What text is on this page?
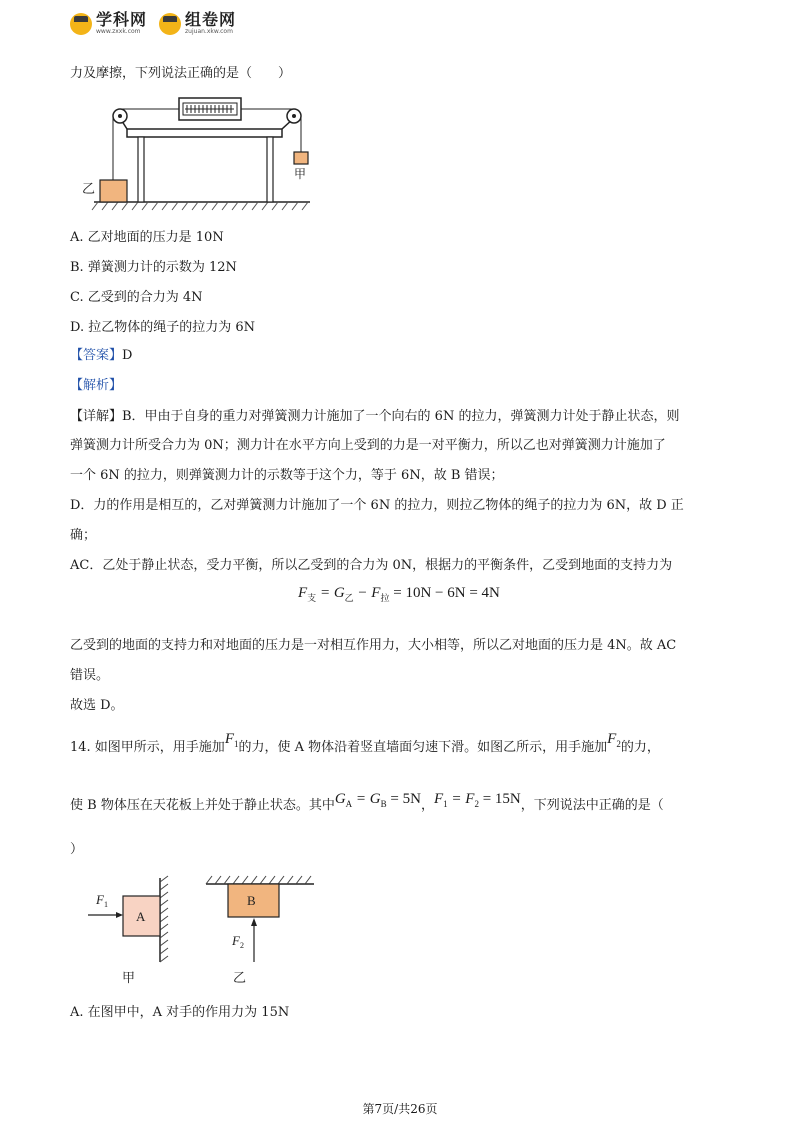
学科网
www.zxxk.com
组卷网
zujuan.xkw.com
力及摩擦，下列说法正确的是（　　）
乙
甲
A. 乙对地面的压力是 10N
B. 弹簧测力计的示数为 12N
C. 乙受到的合力为 4N
D. 拉乙物体的绳子的拉力为 6N
【答案】D
【解析】
【详解】B．甲由于自身的重力对弹簧测力计施加了一个向右的 6N 的拉力，弹簧测力计处于静止状态，则
弹簧测力计所受合力为 0N；测力计在水平方向上受到的力是一对平衡力，所以乙也对弹簧测力计施加了
一个 6N 的拉力，则弹簧测力计的示数等于这个力，等于 6N，故 B 错误；
D．力的作用是相互的，乙对弹簧测力计施加了一个 6N 的拉力，则拉乙物体的绳子的拉力为 6N，故 D 正
确；
AC．乙处于静止状态，受力平衡，所以乙受到的合力为 0N，根据力的平衡条件，乙受到地面的支持力为
$F_支 = G_乙 - F_拉 = 10N - 6N = 4N$
乙受到的地面的支持力和对地面的压力是一对相互作用力，大小相等，所以乙对地面的压力是 4N。故 AC
错误。
故选 D。
14. 如图甲所示，用手施加$F_1$的力，使 A 物体沿着竖直墙面匀速下滑。如图乙所示，用手施加$F_2$的力，
使 B 物体压在天花板上并处于静止状态。其中$G_A = G_B = 5N$，$F_1 = F_2 = 15N$，下列说法中正确的是（
）
A
$F_1$
甲
B
$F_2$
乙
A. 在图甲中，A 对手的作用力为 15N
第7页/共26页
